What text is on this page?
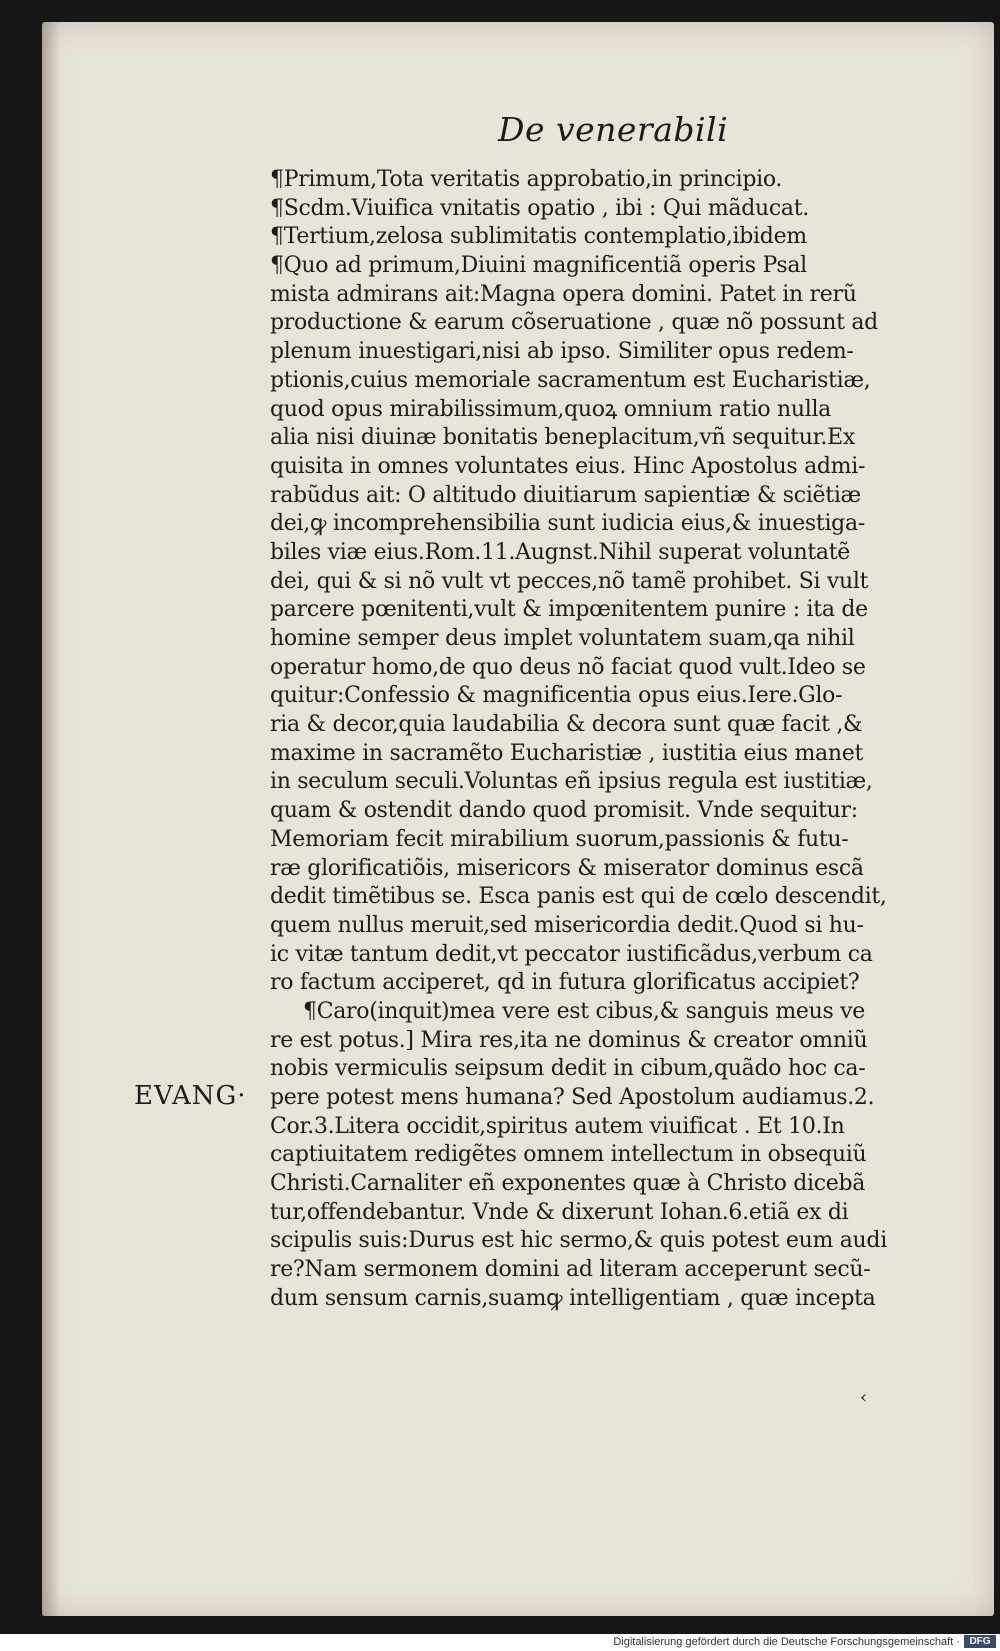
De venerabili
¶Primum,Tota veritatis approbatio,in principio.
¶Scdm.Viuifica vnitatis opatio , ibi : Qui mãducat.
¶Tertium,zelosa sublimitatis contemplatio,ibidem
¶Quo ad primum,Diuini magnificentiã operis Psal
mista admirans ait:Magna opera domini. Patet in rerũ
productione & earum cõseruatione , quæ nõ possunt ad
plenum inuestigari,nisi ab ipso. Similiter opus redem-
ptionis,cuius memoriale sacramentum est Eucharistiæ,
quod opus mirabilissimum,quoꝝ omnium ratio nulla
alia nisi diuinæ bonitatis beneplacitum,vñ sequitur.Ex
quisita in omnes voluntates eius. Hinc Apostolus admi-
rabũdus ait: O altitudo diuitiarum sapientiæ & sciẽtiæ
dei,ꝙ incomprehensibilia sunt iudicia eius,& inuestiga-
biles viæ eius.Rom.11.Augnst.Nihil superat voluntatẽ
dei, qui & si nõ vult vt pecces,nõ tamẽ prohibet. Si vult
parcere pœnitenti,vult & impœnitentem punire : ita de
homine semper deus implet voluntatem suam,qa nihil
operatur homo,de quo deus nõ faciat quod vult.Ideo se
quitur:Confessio & magnificentia opus eius.Iere.Glo-
ria & decor,quia laudabilia & decora sunt quæ facit ,&
maxime in sacramẽto Eucharistiæ , iustitia eius manet
in seculum seculi.Voluntas eñ ipsius regula est iustitiæ,
quam & ostendit dando quod promisit. Vnde sequitur:
Memoriam fecit mirabilium suorum,passionis & futu-
ræ glorificatiõis, misericors & miserator dominus escã
dedit timẽtibus se. Esca panis est qui de cœlo descendit,
quem nullus meruit,sed misericordia dedit.Quod si hu-
ic vitæ tantum dedit,vt peccator iustificãdus,verbum ca
ro factum acciperet, qd in futura glorificatus accipiet?
¶Caro(inquit)mea vere est cibus,& sanguis meus ve
re est potus.] Mira res,ita ne dominus & creator omniũ
nobis vermiculis seipsum dedit in cibum,quãdo hoc ca-
pere potest mens humana? Sed Apostolum audiamus.2.
Cor.3.Litera occidit,spiritus autem viuificat . Et 10.In
captiuitatem redigẽtes omnem intellectum in obsequiũ
Christi.Carnaliter eñ exponentes quæ à Christo dicebã
tur,offendebantur. Vnde & dixerunt Iohan.6.etiã ex di
scipulis suis:Durus est hic sermo,& quis potest eum audi
re?Nam sermonem domini ad literam acceperunt secũ-
dum sensum carnis,suamꝙ intelligentiam , quæ incepta
EVANG·
‹
Digitalisierung gefördert durch die Deutsche Forschungsgemeinschaft · DFG
